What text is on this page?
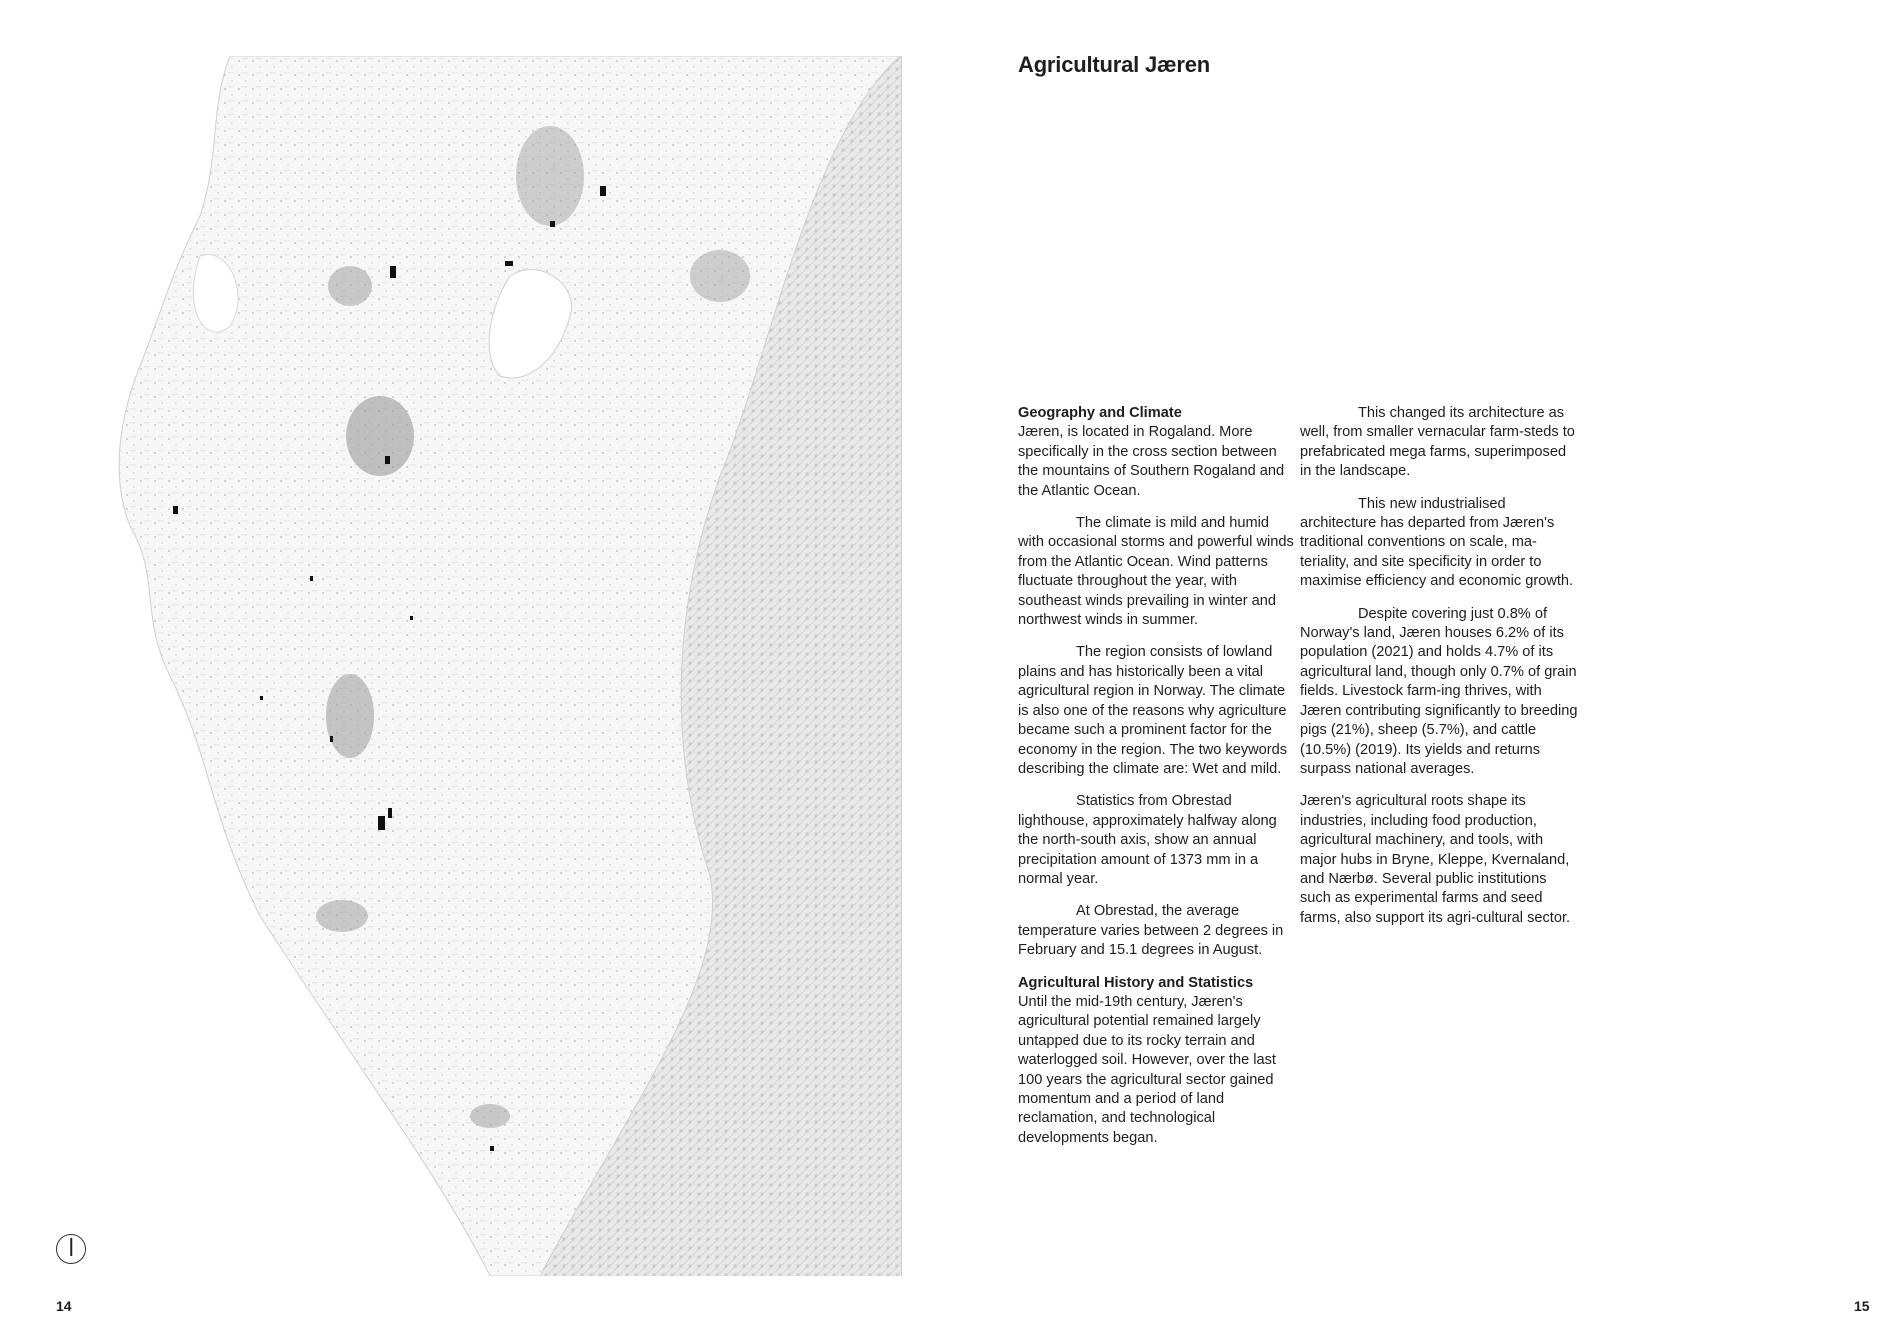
14	15
Agricultural Jæren
Geography and Climate

Jæren, is located in Rogaland. More specifically in the cross section between the mountains of Southern Rogaland and the Atlantic Ocean.

The climate is mild and humid with occasional storms and powerful winds from the Atlantic Ocean. Wind patterns fluctuate throughout the year, with southeast winds prevailing in winter and northwest winds in summer.

The region consists of lowland plains and has historically been a vital agricultural region in Norway. The climate is also one of the reasons why agriculture became such a prominent factor for the economy in the region. The two keywords describing the climate are: Wet and mild.

Statistics from Obrestad lighthouse, approximately halfway along the north-south axis, show an annual precipitation amount of 1373 mm in a normal year.

At Obrestad, the average temperature varies between 2 degrees in February and 15.1 degrees in August.

Agricultural History and Statistics

Until the mid-19th century, Jæren's agricultural potential remained largely untapped due to its rocky terrain and waterlogged soil. However, over the last 100 years the agricultural sector gained momentum and a period of land reclamation, and technological developments began.

This changed its architecture as well, from smaller vernacular farm-steds to prefabricated mega farms, superimposed in the landscape.

This new industrialised architecture has departed from Jæren's traditional conventions on scale, ma-teriality, and site specificity in order to maximise efficiency and economic growth.

Despite covering just 0.8% of Norway's land, Jæren houses 6.2% of its population (2021) and holds 4.7% of its agricultural land, though only 0.7% of grain fields. Livestock farm-ing thrives, with Jæren contributing significantly to breeding pigs (21%), sheep (5.7%), and cattle (10.5%) (2019). Its yields and returns surpass national averages.

Jæren's agricultural roots shape its industries, including food production, agricultural machinery, and tools, with major hubs in Bryne, Kleppe, Kvernaland, and Nærbø. Several public institutions such as experimental farms and seed farms, also support its agri-cultural sector.
